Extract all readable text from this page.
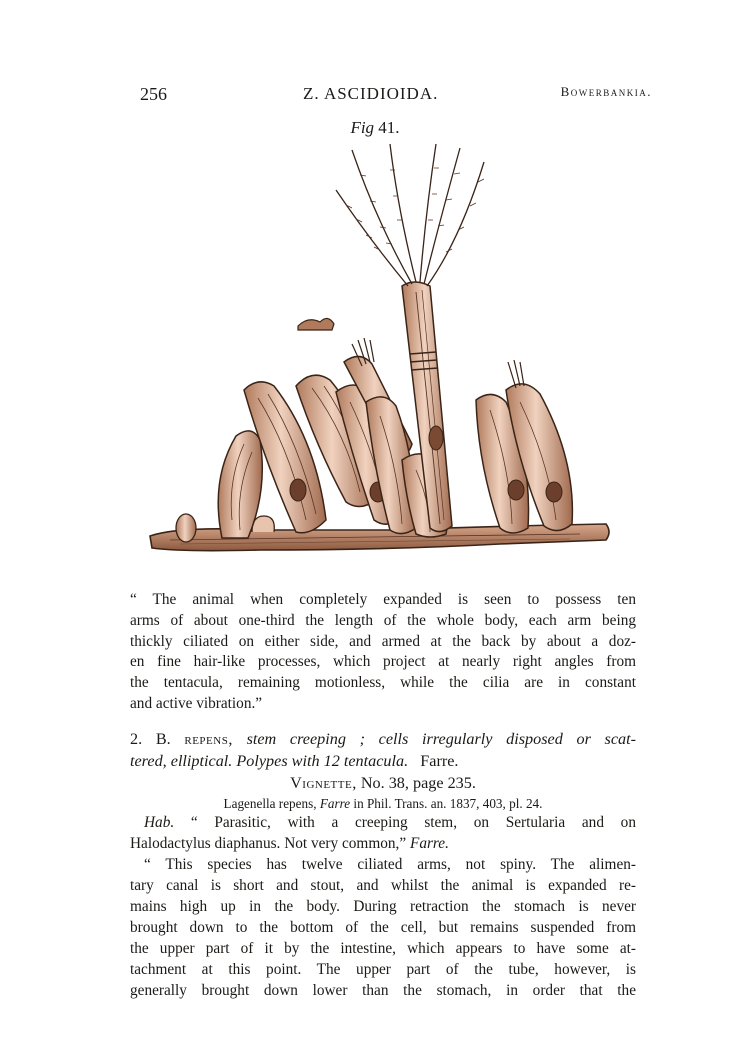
256	Z. ASCIDIOIDA.	Bowerbankia.
Fig 41.
“ The animal when completely expanded is seen to possess ten
arms of about one-third the length of the whole body, each arm being
thickly ciliated on either side, and armed at the back by about a doz-
en fine hair-like processes, which project at nearly right angles from
the tentacula, remaining motionless, while the cilia are in constant
and active vibration.”
2. B. repens, stem creeping ; cells irregularly disposed or scat-
tered, elliptical. Polypes with 12 tentacula. Farre.
Vignette, No. 38, page 235.
Lagenella repens, Farre in Phil. Trans. an. 1837, 403, pl. 24.
Hab. “ Parasitic, with a creeping stem, on Sertularia and on
Halodactylus diaphanus. Not very common,” Farre.
“ This species has twelve ciliated arms, not spiny. The alimen-
tary canal is short and stout, and whilst the animal is expanded re-
mains high up in the body. During retraction the stomach is never
brought down to the bottom of the cell, but remains suspended from
the upper part of it by the intestine, which appears to have some at-
tachment at this point. The upper part of the tube, however, is
generally brought down lower than the stomach, in order that the
